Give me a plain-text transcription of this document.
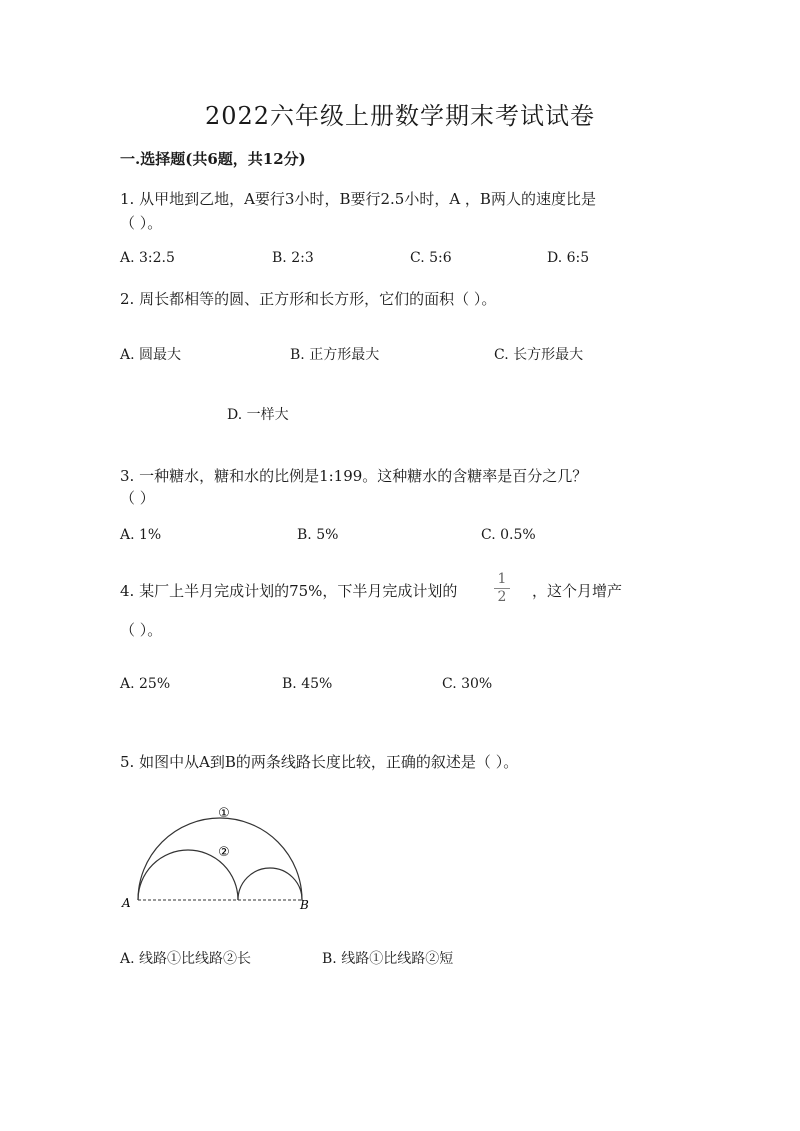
2022六年级上册数学期末考试试卷
一.选择题(共6题，共12分)
1. 从甲地到乙地，A要行3小时，B要行2.5小时，A ，B两人的速度比是
（ ）。
A. 3:2.5	B. 2:3	C. 5:6	D. 6:5
2. 周长都相等的圆、正方形和长方形，它们的面积（ ）。
A. 圆最大	B. 正方形最大	C. 长方形最大
D. 一样大
3. 一种糖水，糖和水的比例是1:199。这种糖水的含糖率是百分之几？
（ ）
A. 1%	B. 5%	C. 0.5%
4. 某厂上半月完成计划的75%，下半月完成计划的
1
2	，这个月增产
（ ）。
A. 25%	B. 45%	C. 30%
5. 如图中从A到B的两条线路长度比较，正确的叙述是（ ）。
①
②
A	B
A. 线路①比线路②长	B. 线路①比线路②短
